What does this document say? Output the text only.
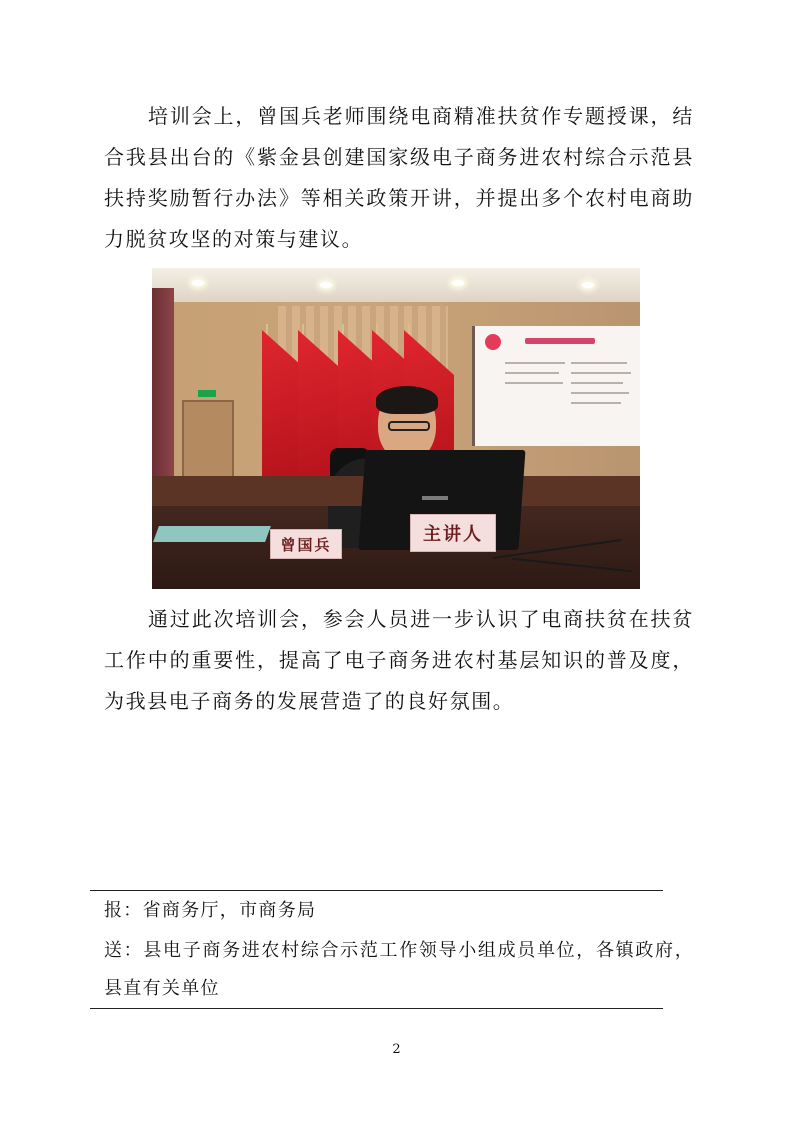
培训会上，曾国兵老师围绕电商精准扶贫作专题授课，结合我县出台的《紫金县创建国家级电子商务进农村综合示范县扶持奖励暂行办法》等相关政策开讲，并提出多个农村电商助力脱贫攻坚的对策与建议。
曾国兵	主讲人
通过此次培训会，参会人员进一步认识了电商扶贫在扶贫工作中的重要性，提高了电子商务进农村基层知识的普及度，为我县电子商务的发展营造了的良好氛围。
报：省商务厅，市商务局
送：县电子商务进农村综合示范工作领导小组成员单位，各镇政府，县直有关单位
2
